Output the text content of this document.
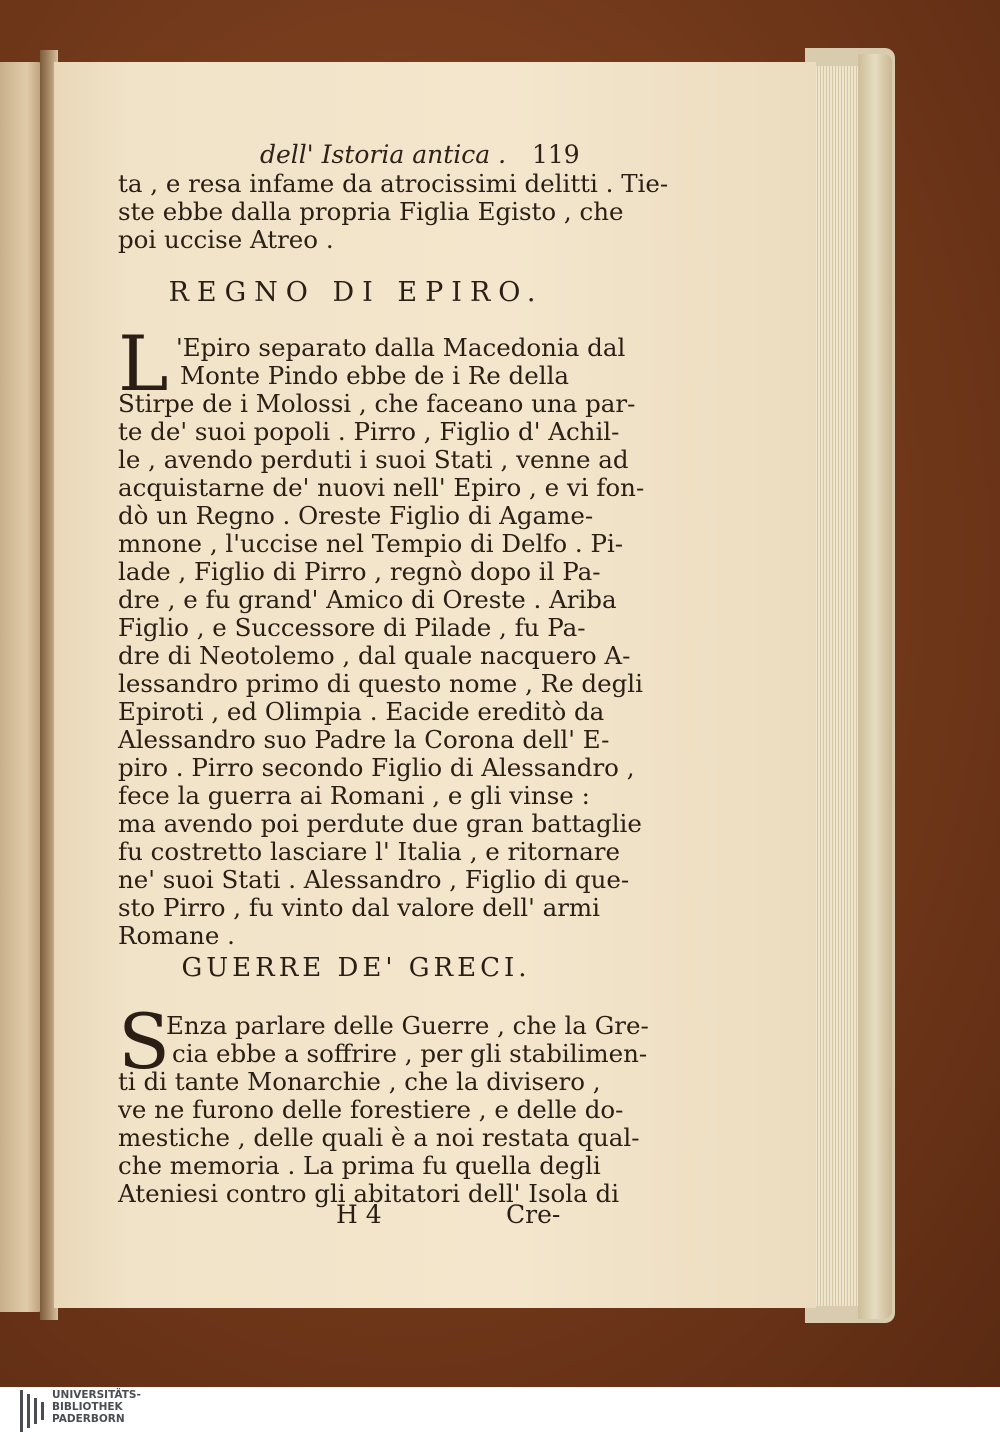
dell' Istoria antica . 119
ta , e resa infame da atrocissimi delitti . Tie-
ste ebbe dalla propria Figlia Egisto , che
poi uccise Atreo .
REGNO DI EPIRO.
L 'Epiro separato dalla Macedonia dal
Monte Pindo ebbe de i Re della
Stirpe de i Molossi , che faceano una par-
te de' suoi popoli . Pirro , Figlio d' Achil-
le , avendo perduti i suoi Stati , venne ad
acquistarne de' nuovi nell' Epiro , e vi fon-
dò un Regno . Oreste Figlio di Agame-
mnone , l'uccise nel Tempio di Delfo . Pi-
lade , Figlio di Pirro , regnò dopo il Pa-
dre , e fu grand' Amico di Oreste . Ariba
Figlio , e Successore di Pilade , fu Pa-
dre di Neotolemo , dal quale nacquero A-
lessandro primo di questo nome , Re degli
Epiroti , ed Olimpia . Eacide ereditò da
Alessandro suo Padre la Corona dell' E-
piro . Pirro secondo Figlio di Alessandro ,
fece la guerra ai Romani , e gli vinse :
ma avendo poi perdute due gran battaglie
fu costretto lasciare l' Italia , e ritornare
ne' suoi Stati . Alessandro , Figlio di que-
sto Pirro , fu vinto dal valore dell' armi
Romane .
GUERRE DE' GRECI.
S
Enza parlare delle Guerre , che la Gre-
cia ebbe a soffrire , per gli stabilimen-
ti di tante Monarchie , che la divisero ,
ve ne furono delle forestiere , e delle do-
mestiche , delle quali è a noi restata qual-
che memoria . La prima fu quella degli
Ateniesi contro gli abitatori dell' Isola di
H 4	Cre-
UNIVERSITÄTS-
BIBLIOTHEK
PADERBORN
